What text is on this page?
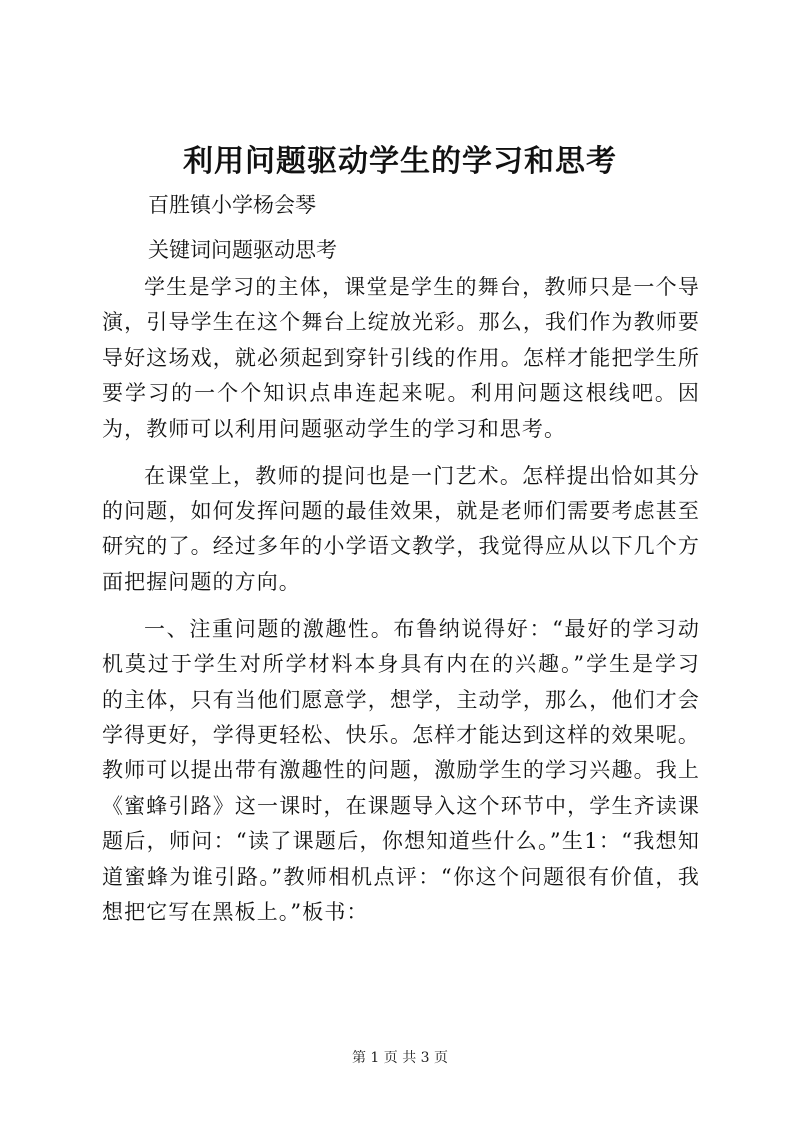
利用问题驱动学生的学习和思考
百胜镇小学杨会琴
关键词问题驱动思考

学生是学习的主体，课堂是学生的舞台，教师只是一个导演，引导学生在这个舞台上绽放光彩。那么，我们作为教师要导好这场戏，就必须起到穿针引线的作用。怎样才能把学生所要学习的一个个知识点串连起来呢。利用问题这根线吧。因为，教师可以利用问题驱动学生的学习和思考。

在课堂上，教师的提问也是一门艺术。怎样提出恰如其分的问题，如何发挥问题的最佳效果，就是老师们需要考虑甚至研究的了。经过多年的小学语文教学，我觉得应从以下几个方面把握问题的方向。

一、注重问题的激趣性。布鲁纳说得好：“最好的学习动机莫过于学生对所学材料本身具有内在的兴趣。”学生是学习的主体，只有当他们愿意学，想学，主动学，那么，他们才会学得更好，学得更轻松、快乐。怎样才能达到这样的效果呢。教师可以提出带有激趣性的问题，激励学生的学习兴趣。我上《蜜蜂引路》这一课时，在课题导入这个环节中，学生齐读课题后，师问：“读了课题后，你想知道些什么。”生1：“我想知道蜜蜂为谁引路。”教师相机点评：“你这个问题很有价值，我想把它写在黑板上。”板书：

第 1 页 共 3 页
